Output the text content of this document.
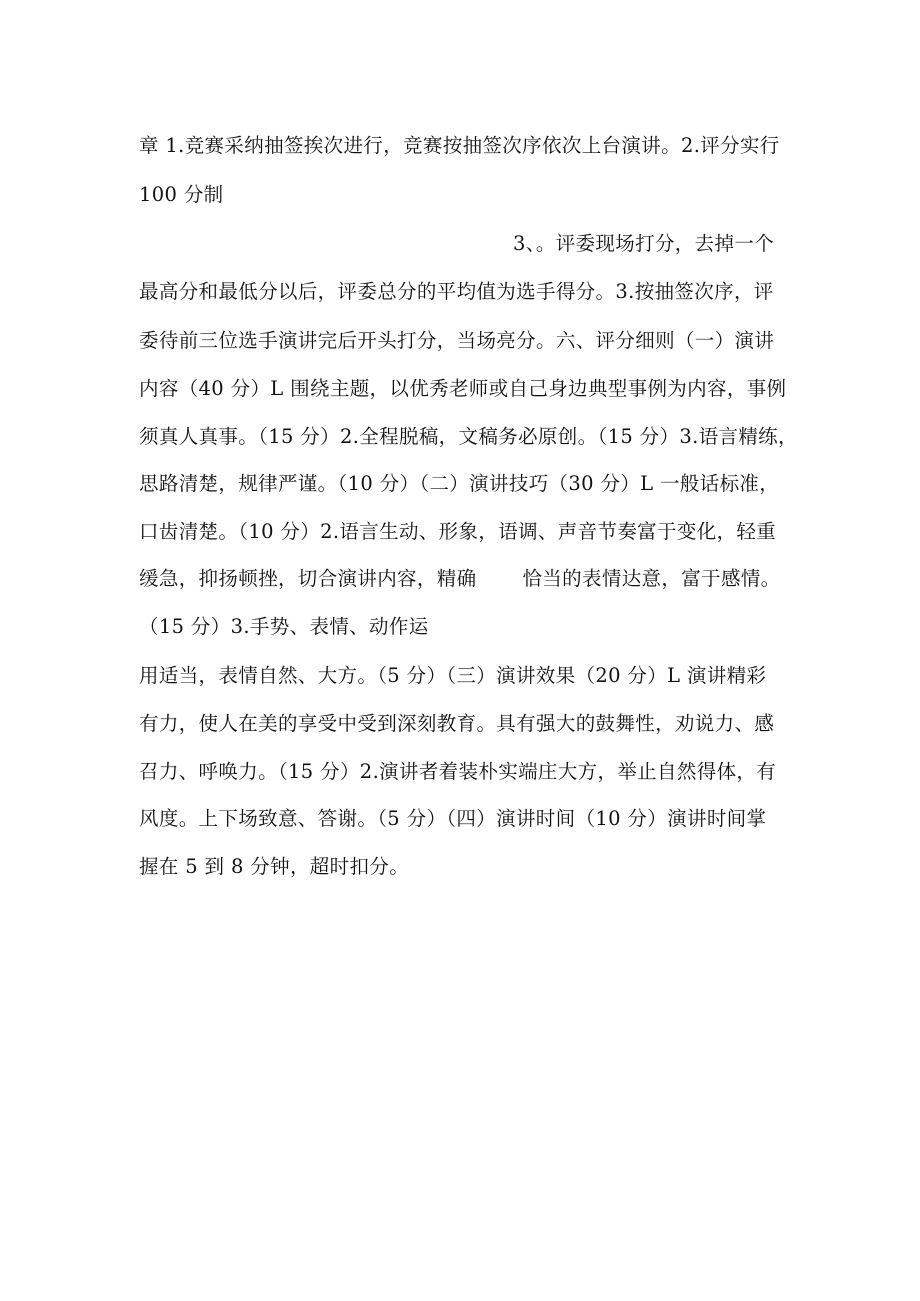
章 1.竞赛采纳抽签挨次进行，竞赛按抽签次序依次上台演讲。2.评分实行
100 分制
3、。评委现场打分，去掉一个
最高分和最低分以后，评委总分的平均值为选手得分。3.按抽签次序，评
委待前三位选手演讲完后开头打分，当场亮分。六、评分细则（一）演讲
内容（40 分）L 围绕主题，以优秀老师或自己身边典型事例为内容，事例
须真人真事。（15 分）2.全程脱稿，文稿务必原创。（15 分）3.语言精练，
思路清楚，规律严谨。（10 分）（二）演讲技巧（30 分）L 一般话标准，
口齿清楚。（10 分）2.语言生动、形象，语调、声音节奏富于变化，轻重
缓急，抑扬顿挫，切合演讲内容，精确 恰当的表情达意，富于感情。
（15 分）3.手势、表情、动作运
用适当，表情自然、大方。（5 分）（三）演讲效果（20 分）L 演讲精彩
有力，使人在美的享受中受到深刻教育。具有强大的鼓舞性，劝说力、感
召力、呼唤力。（15 分）2.演讲者着装朴实端庄大方，举止自然得体，有
风度。上下场致意、答谢。（5 分）（四）演讲时间（10 分）演讲时间掌
握在 5 到 8 分钟，超时扣分。
